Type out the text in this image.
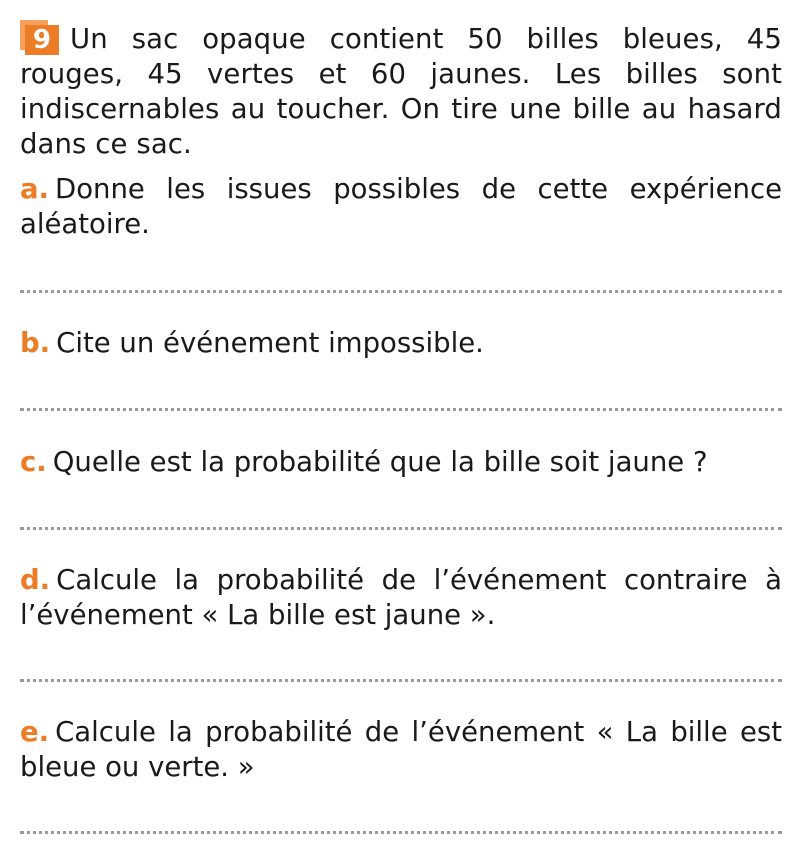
9 Un sac opaque contient 50 billes bleues, 45 rouges, 45 vertes et 60 jaunes. Les billes sont indiscernables au toucher. On tire une bille au hasard dans ce sac.
a. Donne les issues possibles de cette expérience aléatoire.
b. Cite un événement impossible.
c. Quelle est la probabilité que la bille soit jaune ?
d. Calcule la probabilité de l’événement contraire à l’événement « La bille est jaune ».
e. Calcule la probabilité de l’événement « La bille est bleue ou verte. »
